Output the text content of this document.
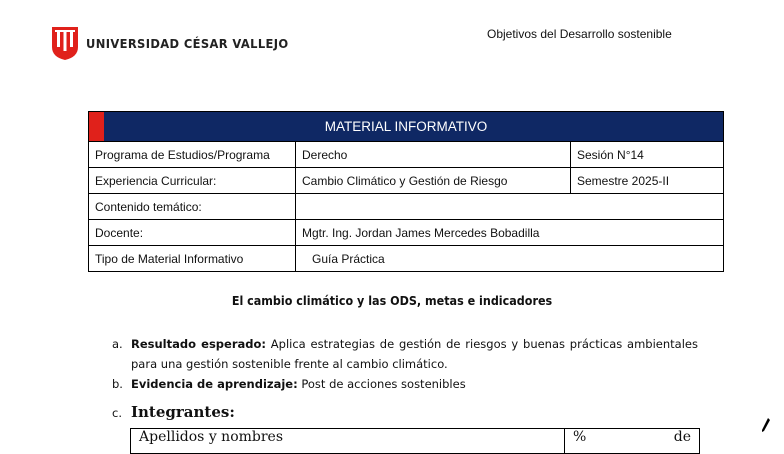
UNIVERSIDAD CÉSAR VALLEJO
Objetivos del Desarrollo sostenible
MATERIAL INFORMATIVO		
Programa de Estudios/Programa	Derecho	Sesión N°14
Experiencia Curricular:	Cambio Climático y Gestión de Riesgo	Semestre 2025-II
Contenido temático:		
Docente:	Mgtr. Ing. Jordan James Mercedes Bobadilla	
Tipo de Material Informativo	Guía Práctica	
El cambio climático y las ODS, metas e indicadores
a. Resultado esperado: Aplica estrategias de gestión de riesgos y buenas prácticas ambientales para una gestión sostenible frente al cambio climático.
b. Evidencia de aprendizaje: Post de acciones sostenibles
c. Integrantes:
Apellidos y nombres	%	de
